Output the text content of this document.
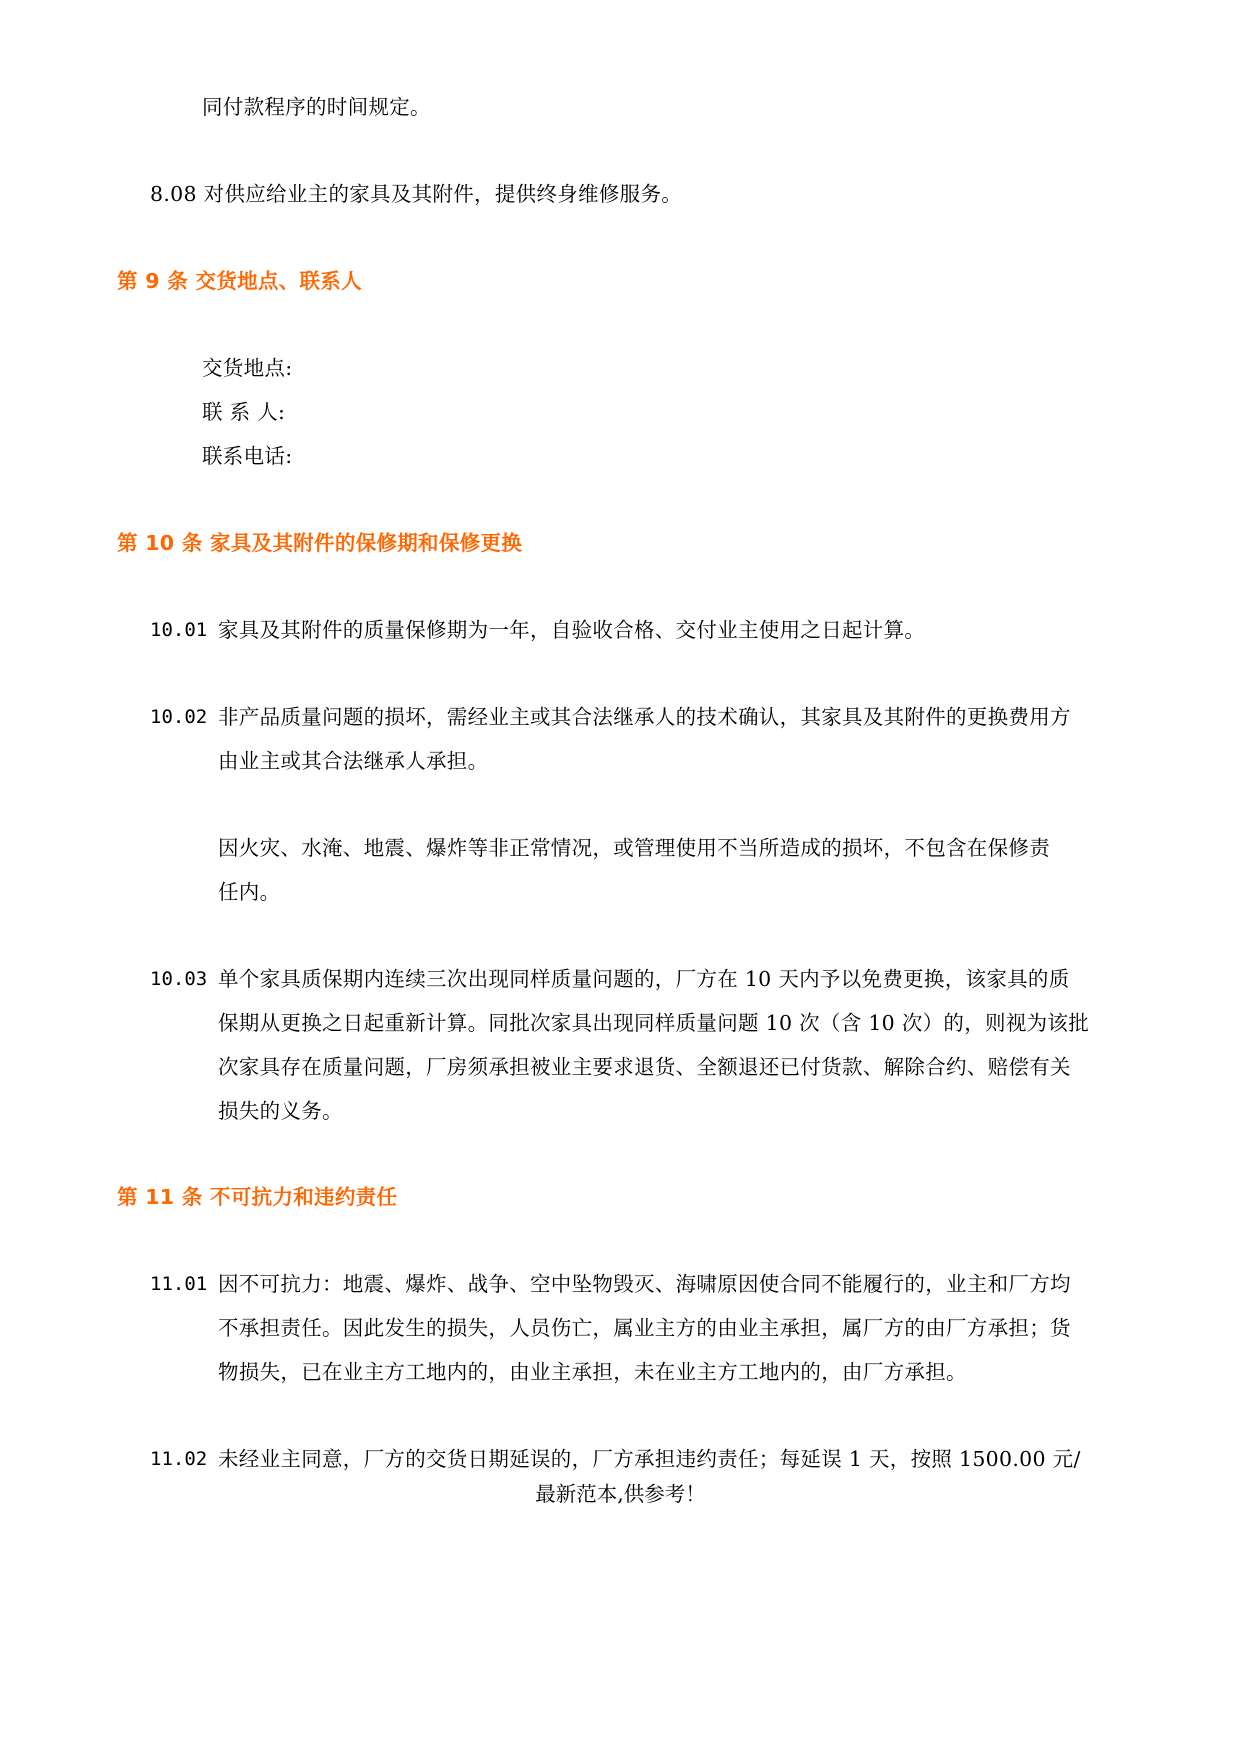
同付款程序的时间规定。
8.08 对供应给业主的家具及其附件，提供终身维修服务。
第 9 条 交货地点、联系人
交货地点:
联 系 人:
联系电话:
第 10 条 家具及其附件的保修期和保修更换
10.01 家具及其附件的质量保修期为一年，自验收合格、交付业主使用之日起计算。
10.02 非产品质量问题的损坏，需经业主或其合法继承人的技术确认，其家具及其附件的更换费用方
由业主或其合法继承人承担。
因火灾、水淹、地震、爆炸等非正常情况，或管理使用不当所造成的损坏，不包含在保修责
任内。
10.03 单个家具质保期内连续三次出现同样质量问题的，厂方在 10 天内予以免费更换，该家具的质
保期从更换之日起重新计算。同批次家具出现同样质量问题 10 次（含 10 次）的，则视为该批
次家具存在质量问题，厂房须承担被业主要求退货、全额退还已付货款、解除合约、赔偿有关
损失的义务。
第 11 条 不可抗力和违约责任
11.01 因不可抗力：地震、爆炸、战争、空中坠物毁灭、海啸原因使合同不能履行的，业主和厂方均
不承担责任。因此发生的损失，人员伤亡，属业主方的由业主承担，属厂方的由厂方承担；货
物损失，已在业主方工地内的，由业主承担，未在业主方工地内的，由厂方承担。
11.02 未经业主同意，厂方的交货日期延误的，厂方承担违约责任；每延误 1 天，按照 1500.00 元/
最新范本,供参考！
